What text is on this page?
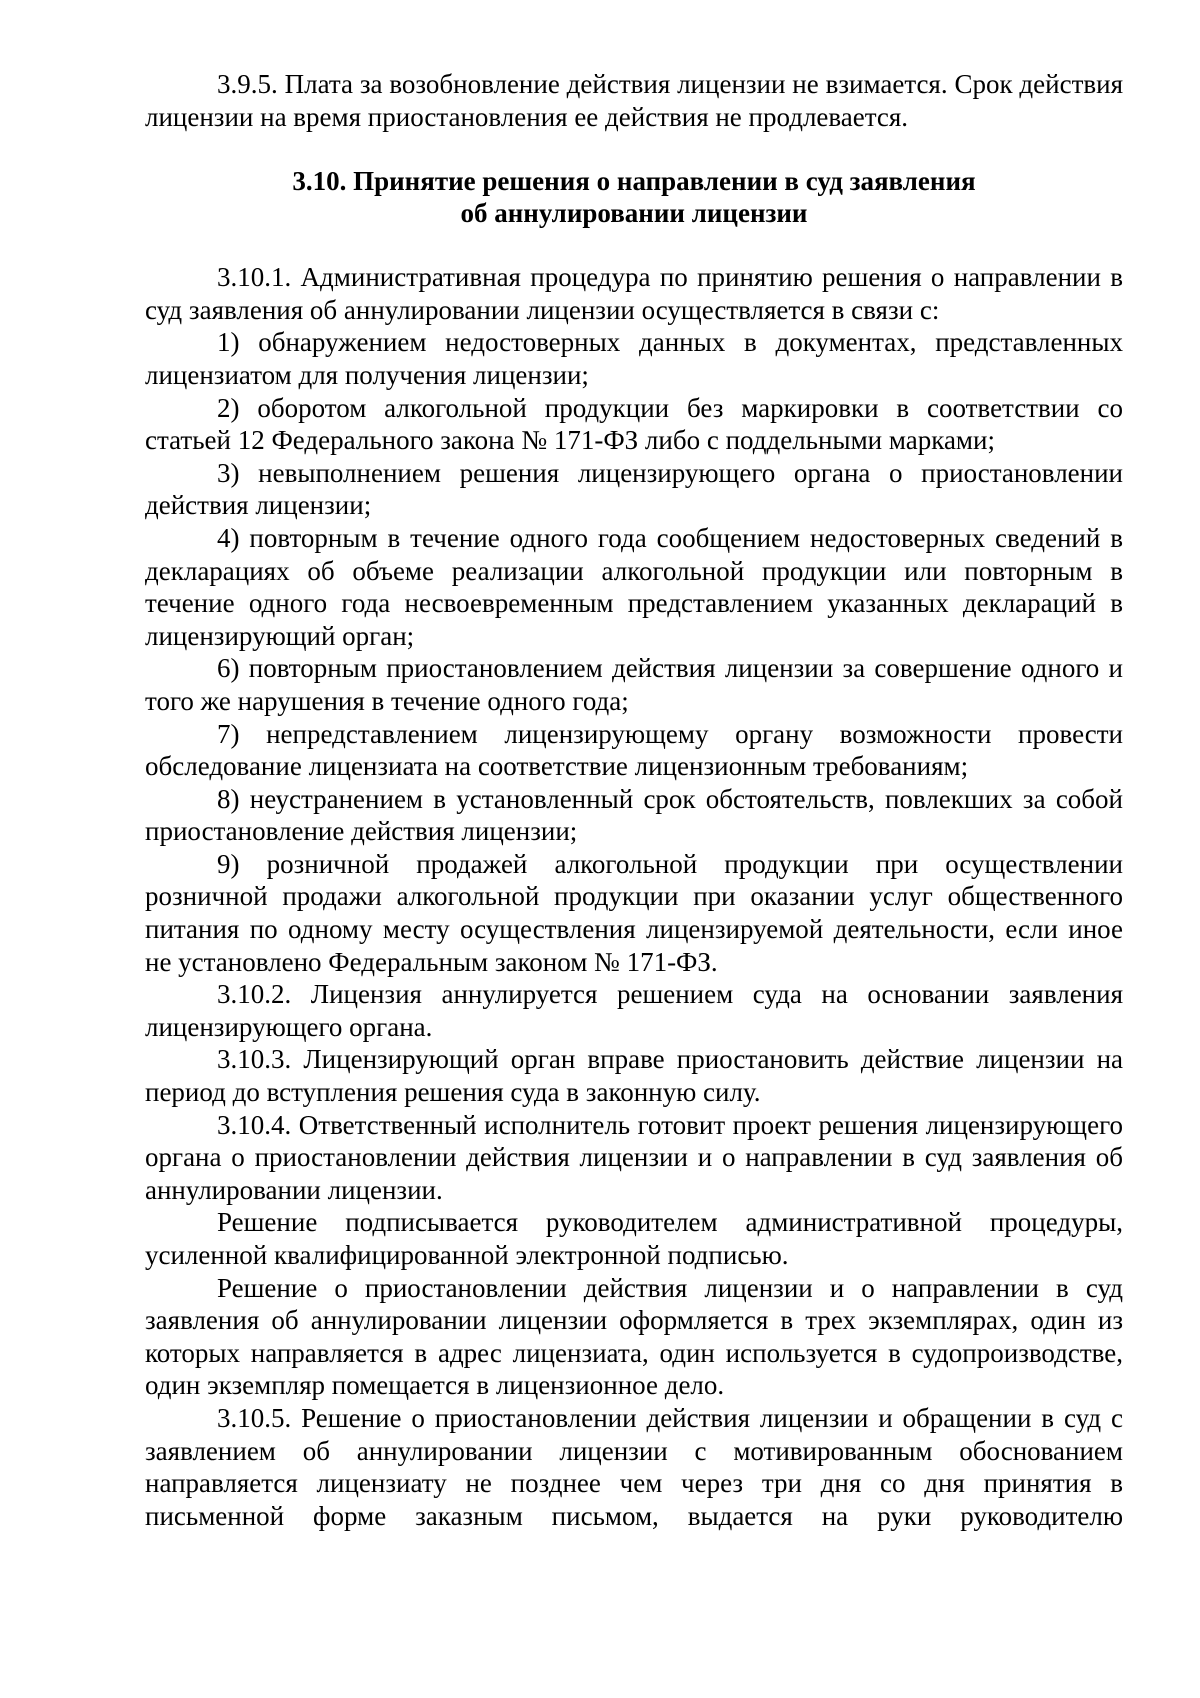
3.9.5. Плата за возобновление действия лицензии не взимается. Срок действия лицензии на время приостановления ее действия не продлевается.

3.10. Принятие решения о направлении в суд заявления
об аннулировании лицензии

3.10.1. Административная процедура по принятию решения о направлении в суд заявления об аннулировании лицензии осуществляется в связи с:

1) обнаружением недостоверных данных в документах, представленных лицензиатом для получения лицензии;

2) оборотом алкогольной продукции без маркировки в соответствии со статьей 12 Федерального закона № 171-ФЗ либо с поддельными марками;

3) невыполнением решения лицензирующего органа о приостановлении действия лицензии;

4) повторным в течение одного года сообщением недостоверных сведений в декларациях об объеме реализации алкогольной продукции или повторным в течение одного года несвоевременным представлением указанных деклараций в лицензирующий орган;

6) повторным приостановлением действия лицензии за совершение одного и того же нарушения в течение одного года;

7) непредставлением лицензирующему органу возможности провести обследование лицензиата на соответствие лицензионным требованиям;

8) неустранением в установленный срок обстоятельств, повлекших за собой приостановление действия лицензии;

9) розничной продажей алкогольной продукции при осуществлении розничной продажи алкогольной продукции при оказании услуг общественного питания по одному месту осуществления лицензируемой деятельности, если иное не установлено Федеральным законом № 171-ФЗ.

3.10.2. Лицензия аннулируется решением суда на основании заявления лицензирующего органа.

3.10.3. Лицензирующий орган вправе приостановить действие лицензии на период до вступления решения суда в законную силу.

3.10.4. Ответственный исполнитель готовит проект решения лицензирующего органа о приостановлении действия лицензии и о направлении в суд заявления об аннулировании лицензии.

Решение подписывается руководителем административной процедуры, усиленной квалифицированной электронной подписью.

Решение о приостановлении действия лицензии и о направлении в суд заявления об аннулировании лицензии оформляется в трех экземплярах, один из которых направляется в адрес лицензиата, один используется в судопроизводстве, один экземпляр помещается в лицензионное дело.

3.10.5. Решение о приостановлении действия лицензии и обращении в суд с заявлением об аннулировании лицензии с мотивированным обоснованием направляется лицензиату не позднее чем через три дня со дня принятия в письменной форме заказным письмом, выдается на руки руководителю
